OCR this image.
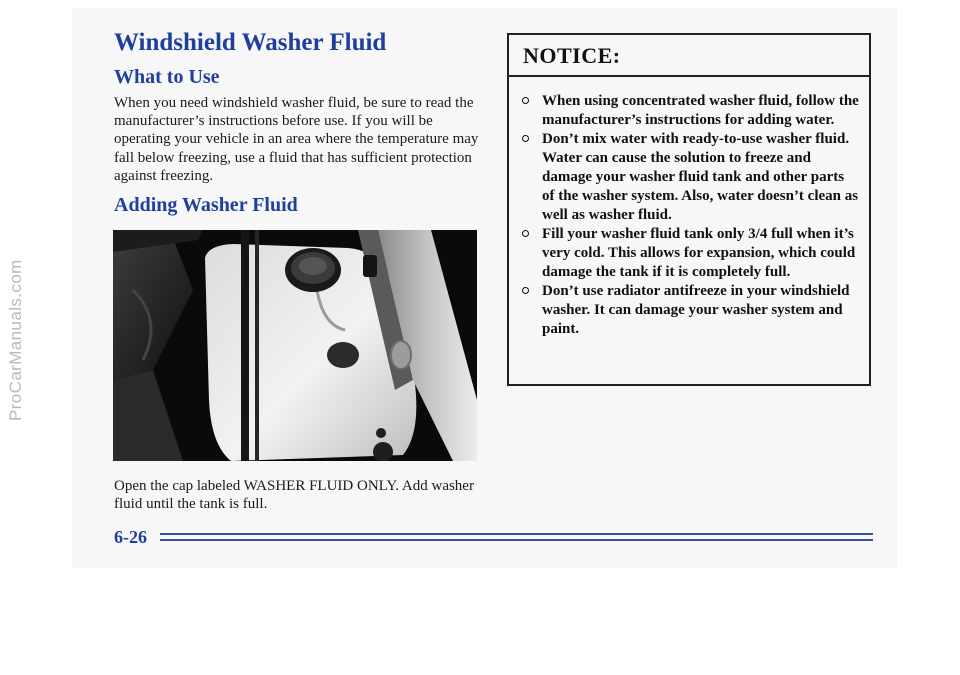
ProCarManuals.com
Windshield Washer Fluid
What to Use

When you need windshield washer fluid, be sure to read the manufacturer’s instructions before use. If you will be operating your vehicle in an area where the temperature may fall below freezing, use a fluid that has sufficient protection against freezing.

Adding Washer Fluid

Open the cap labeled WASHER FLUID ONLY. Add washer fluid until the tank is full.

NOTICE:
When using concentrated washer fluid, follow the manufacturer’s instructions for adding water.
Don’t mix water with ready-to-use washer fluid. Water can cause the solution to freeze and damage your washer fluid tank and other parts of the washer system. Also, water doesn’t clean as well as washer fluid.
Fill your washer fluid tank only 3/4 full when it’s very cold. This allows for expansion, which could damage the tank if it is completely full.
Don’t use radiator antifreeze in your windshield washer. It can damage your washer system and paint.

6-26
